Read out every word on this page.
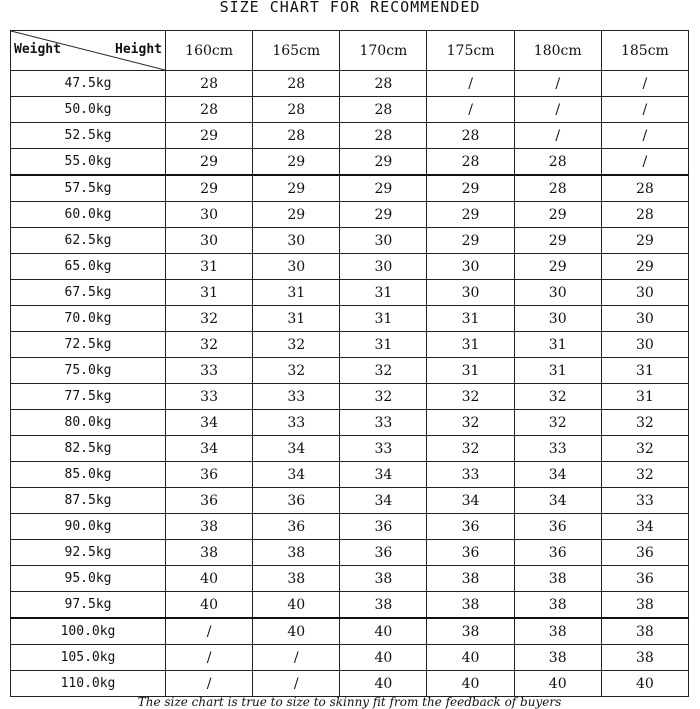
SIZE CHART FOR RECOMMENDED
Weight Height	160cm	165cm	170cm	175cm	180cm	185cm
47.5kg	28	28	28	/	/	/
50.0kg	28	28	28	/	/	/
52.5kg	29	28	28	28	/	/
55.0kg	29	29	29	28	28	/
57.5kg	29	29	29	29	28	28
60.0kg	30	29	29	29	29	28
62.5kg	30	30	30	29	29	29
65.0kg	31	30	30	30	29	29
67.5kg	31	31	31	30	30	30
70.0kg	32	31	31	31	30	30
72.5kg	32	32	31	31	31	30
75.0kg	33	32	32	31	31	31
77.5kg	33	33	32	32	32	31
80.0kg	34	33	33	32	32	32
82.5kg	34	34	33	32	33	32
85.0kg	36	34	34	33	34	32
87.5kg	36	36	34	34	34	33
90.0kg	38	36	36	36	36	34
92.5kg	38	38	36	36	36	36
95.0kg	40	38	38	38	38	36
97.5kg	40	40	38	38	38	38
100.0kg	/	40	40	38	38	38
105.0kg	/	/	40	40	38	38
110.0kg	/	/	40	40	40	40
The size chart is true to size to skinny fit from the feedback of buyers
